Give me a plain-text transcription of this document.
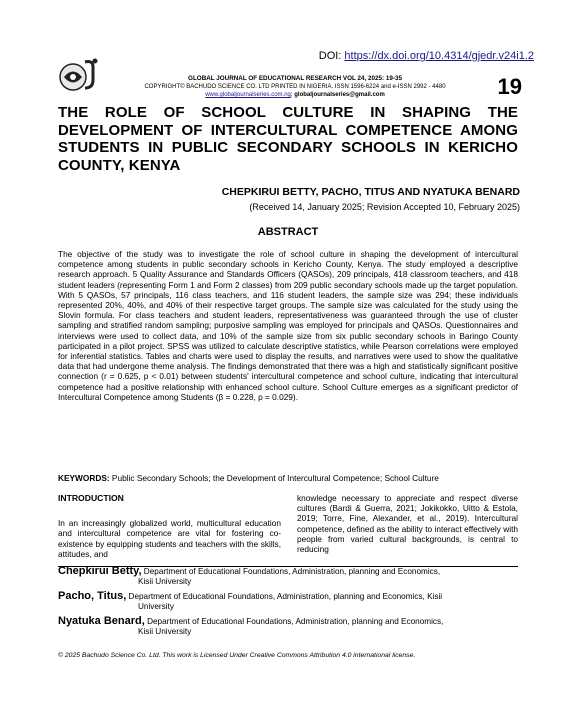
DOI: https://dx.doi.org/10.4314/gjedr.v24i1.2
GLOBAL JOURNAL OF EDUCATIONAL RESEARCH VOL 24, 2025: 19-35
COPYRIGHT© BACHUDO SCIENCE CO. LTD PRINTED IN NIGERIA. ISSN 1596-6224 and e-ISSN 2992 - 4480
www.globaljournalseries.com.ng; globaljournalseries@gmail.com	19
THE ROLE OF SCHOOL CULTURE IN SHAPING THE DEVELOPMENT OF INTERCULTURAL COMPETENCE AMONG STUDENTS IN PUBLIC SECONDARY SCHOOLS IN KERICHO COUNTY, KENYA
CHEPKIRUI BETTY, PACHO, TITUS AND NYATUKA BENARD
(Received 14, January 2025; Revision Accepted 10, February 2025)
ABSTRACT
The objective of the study was to investigate the role of school culture in shaping the development of intercultural competence among students in public secondary schools in Kericho County, Kenya. The study employed a descriptive research approach. 5 Quality Assurance and Standards Officers (QASOs), 209 principals, 418 classroom teachers, and 418 student leaders (representing Form 1 and Form 2 classes) from 209 public secondary schools made up the target population. With 5 QASOs, 57 principals, 116 class teachers, and 116 student leaders, the sample size was 294; these individuals represented 20%, 40%, and 40% of their respective target groups. The sample size was calculated for the study using the Slovin formula. For class teachers and student leaders, representativeness was guaranteed through the use of cluster sampling and stratified random sampling; purposive sampling was employed for principals and QASOs. Questionnaires and interviews were used to collect data, and 10% of the sample size from six public secondary schools in Baringo County participated in a pilot project. SPSS was utilized to calculate descriptive statistics, while Pearson correlations were employed for inferential statistics. Tables and charts were used to display the results, and narratives were used to show the qualitative data that had undergone theme analysis. The findings demonstrated that there was a high and statistically significant positive connection (r = 0.625, p < 0.01) between students' intercultural competence and school culture, indicating that intercultural competence had a positive relationship with enhanced school culture. School Culture emerges as a significant predictor of Intercultural Competence among Students (β = 0.228, p = 0.029).
KEYWORDS: Public Secondary Schools; the Development of Intercultural Competence; School Culture
INTRODUCTION
In an increasingly globalized world, multicultural education and intercultural competence are vital for fostering co-existence by equipping students and teachers with the skills, attitudes, and
knowledge necessary to appreciate and respect diverse cultures (Bardi & Guerra, 2021; Jokikokko, Uitto & Estola, 2019; Torre, Fine, Alexander, et al., 2019). Intercultural competence, defined as the ability to interact effectively with people from varied cultural backgrounds, is central to reducing
Chepkirui Betty, Department of Educational Foundations, Administration, planning and Economics,
Kisii University
Pacho, Titus, Department of Educational Foundations, Administration, planning and Economics, Kisii
University
Nyatuka Benard, Department of Educational Foundations, Administration, planning and Economics,
Kisii University
© 2025 Bachudo Science Co. Ltd. This work is Licensed Under Creative Commons Attribution 4.0 international license.
